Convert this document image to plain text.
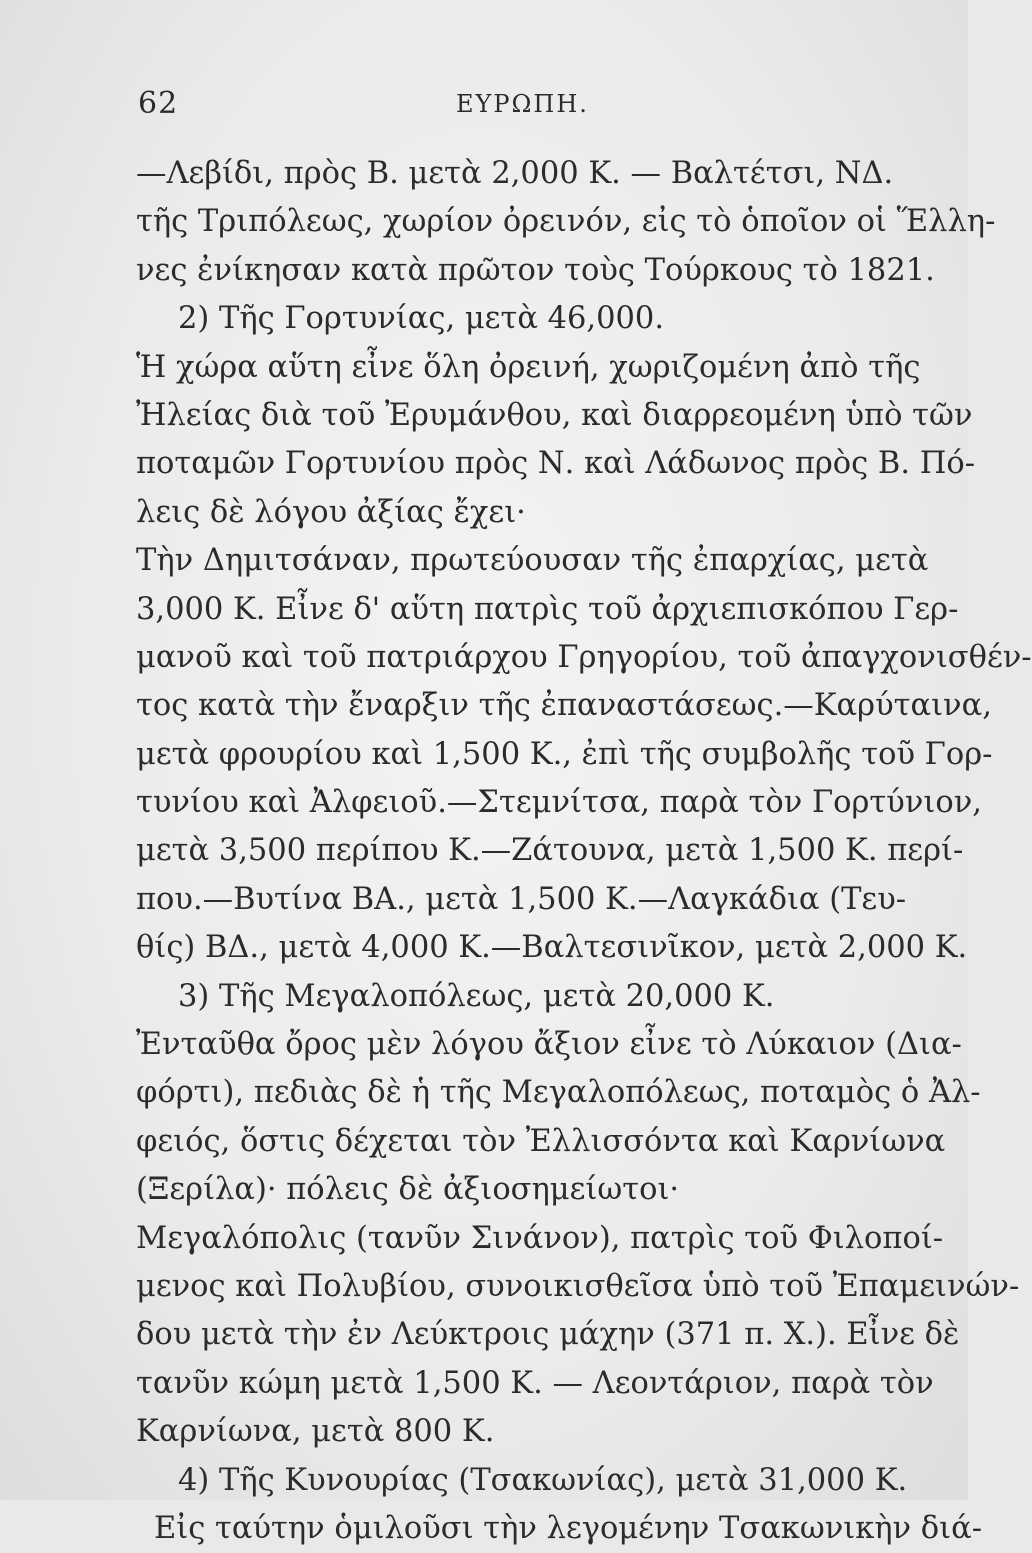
62	ΕΥΡΩΠΗ.
—Λεβίδι, πρὸς Β. μετὰ 2,000 Κ. — Βαλτέτσι, ΝΔ.
τῆς Τριπόλεως, χωρίον ὀρεινόν, εἰς τὸ ὁποῖον οἱ Ἕλλη-
νες ἐνίκησαν κατὰ πρῶτον τοὺς Τούρκους τὸ 1821.
2) Τῆς Γορτυνίας, μετὰ 46,000.
Ἡ χώρα αὕτη εἶνε ὅλη ὀρεινή, χωριζομένη ἀπὸ τῆς
Ἠλείας διὰ τοῦ Ἐρυμάνθου, καὶ διαρρεομένη ὑπὸ τῶν
ποταμῶν Γορτυνίου πρὸς Ν. καὶ Λάδωνος πρὸς Β. Πό-
λεις δὲ λόγου ἀξίας ἔχει·
Τὴν Δημιτσάναν, πρωτεύουσαν τῆς ἐπαρχίας, μετὰ
3,000 Κ. Εἶνε δ' αὕτη πατρὶς τοῦ ἀρχιεπισκόπου Γερ-
μανοῦ καὶ τοῦ πατριάρχου Γρηγορίου, τοῦ ἀπαγχονισθέν-
τος κατὰ τὴν ἔναρξιν τῆς ἐπαναστάσεως.—Καρύταινα,
μετὰ φρουρίου καὶ 1,500 Κ., ἐπὶ τῆς συμβολῆς τοῦ Γορ-
τυνίου καὶ Ἀλφειοῦ.—Στεμνίτσα, παρὰ τὸν Γορτύνιον,
μετὰ 3,500 περίπου Κ.—Ζάτουνα, μετὰ 1,500 Κ. περί-
που.—Βυτίνα ΒΑ., μετὰ 1,500 Κ.—Λαγκάδια (Τευ-
θίς) ΒΔ., μετὰ 4,000 Κ.—Βαλτεσινῖκον, μετὰ 2,000 Κ.
3) Τῆς Μεγαλοπόλεως, μετὰ 20,000 Κ.
Ἐνταῦθα ὄρος μὲν λόγου ἄξιον εἶνε τὸ Λύκαιον (Δια-
φόρτι), πεδιὰς δὲ ἡ τῆς Μεγαλοπόλεως, ποταμὸς ὁ Ἀλ-
φειός, ὅστις δέχεται τὸν Ἐλλισσόντα καὶ Καρνίωνα
(Ξερίλα)· πόλεις δὲ ἀξιοσημείωτοι·
Μεγαλόπολις (τανῦν Σινάνον), πατρὶς τοῦ Φιλοποί-
μενος καὶ Πολυβίου, συνοικισθεῖσα ὑπὸ τοῦ Ἐπαμεινών-
δου μετὰ τὴν ἐν Λεύκτροις μάχην (371 π. Χ.). Εἶνε δὲ
τανῦν κώμη μετὰ 1,500 Κ. — Λεοντάριον, παρὰ τὸν
Καρνίωνα, μετὰ 800 Κ.
4) Τῆς Κυνουρίας (Τσακωνίας), μετὰ 31,000 Κ.
Εἰς ταύτην ὁμιλοῦσι τὴν λεγομένην Τσακωνικὴν διά-
